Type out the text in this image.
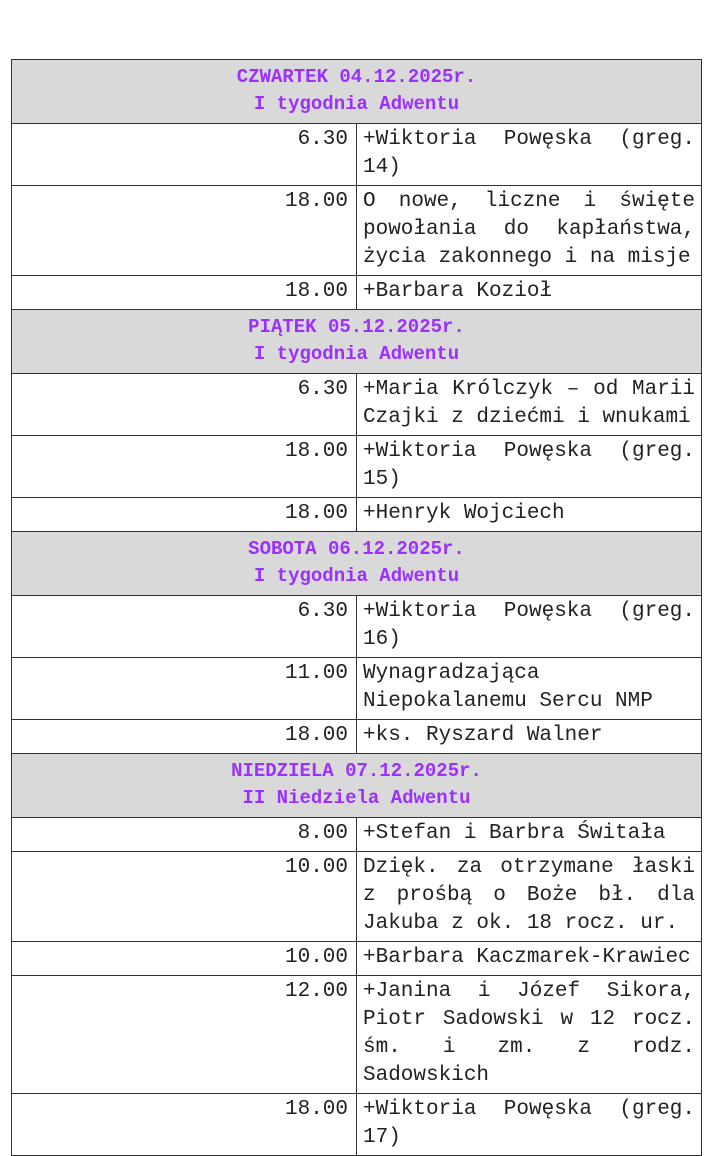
CZWARTEK 04.12.2025r.
I tygodnia Adwentu	

6.30	+Wiktoria Powęska (greg. 14)
18.00	O nowe, liczne i święte powołania do kapłaństwa, życia zakonnego i na misje
18.00	+Barbara Kozioł

PIĄTEK 05.12.2025r.
I tygodnia Adwentu	

6.30	+Maria Królczyk – od Marii Czajki z dziećmi i wnukami
18.00	+Wiktoria Powęska (greg. 15)
18.00	+Henryk Wojciech

SOBOTA 06.12.2025r.
I tygodnia Adwentu	

6.30	+Wiktoria Powęska (greg. 16)
11.00	Wynagradzająca Niepokalanemu Sercu NMP
18.00	+ks. Ryszard Walner

NIEDZIELA 07.12.2025r.
II Niedziela Adwentu	

8.00	+Stefan i Barbra Świtała
10.00	Dzięk. za otrzymane łaski z prośbą o Boże bł. dla Jakuba z ok. 18 rocz. ur.
10.00	+Barbara Kaczmarek-Krawiec
12.00	+Janina i Józef Sikora, Piotr Sadowski w 12 rocz. śm. i zm. z rodz. Sadowskich
18.00	+Wiktoria Powęska (greg. 17)
